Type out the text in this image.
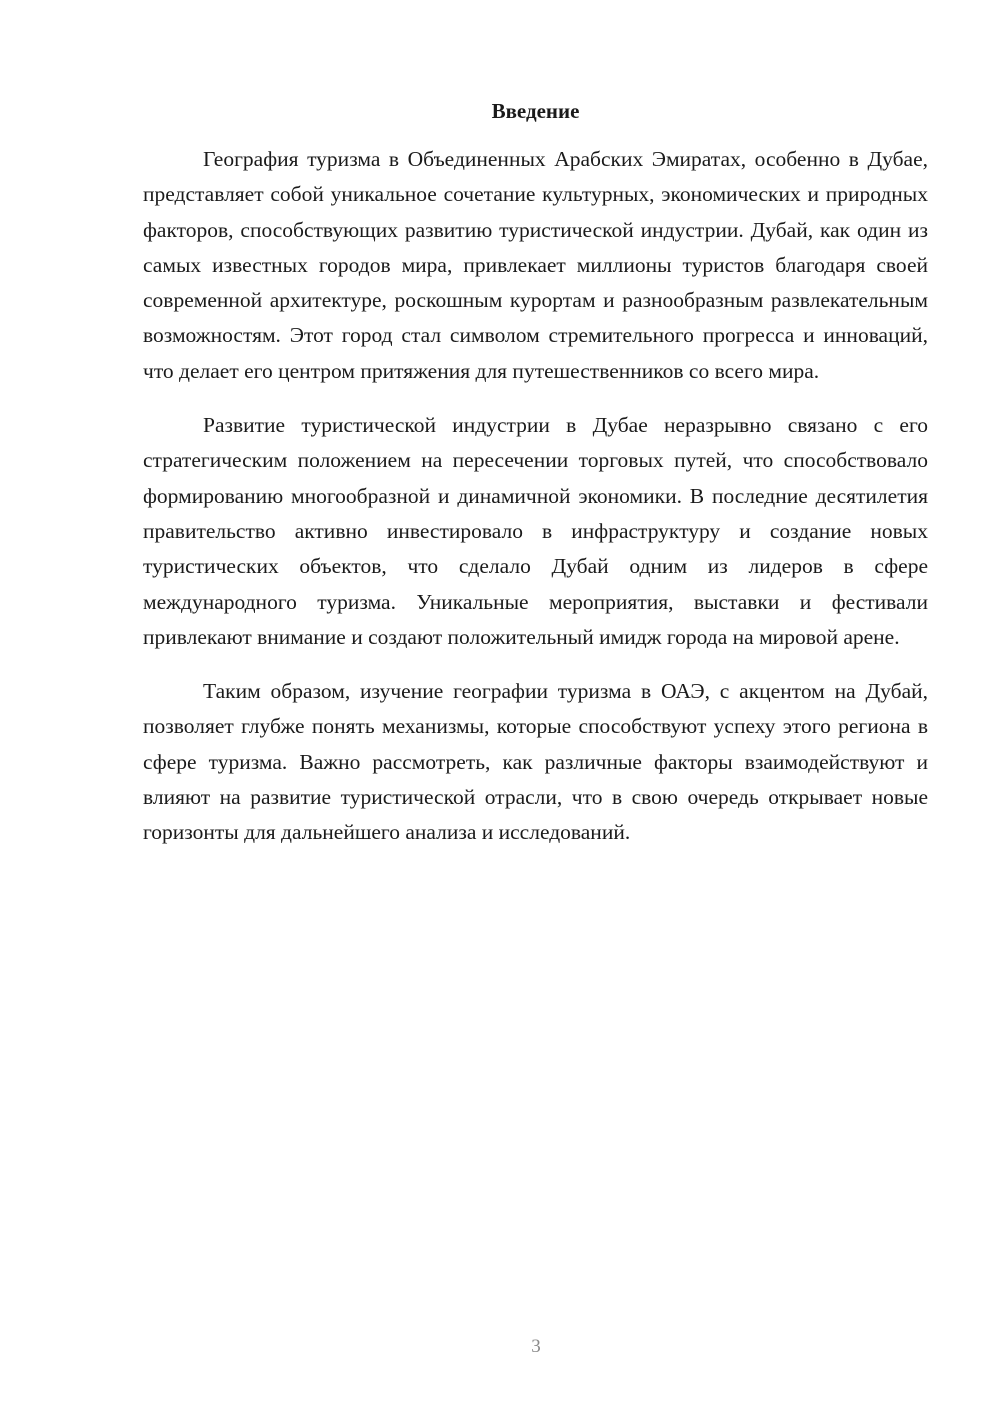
Введение

География туризма в Объединенных Арабских Эмиратах, особенно в Дубае, представляет собой уникальное сочетание культурных, экономических и природных факторов, способствующих развитию туристической индустрии. Дубай, как один из самых известных городов мира, привлекает миллионы туристов благодаря своей современной архитектуре, роскошным курортам и разнообразным развлекательным возможностям. Этот город стал символом стремительного прогресса и инноваций, что делает его центром притяжения для путешественников со всего мира.

Развитие туристической индустрии в Дубае неразрывно связано с его стратегическим положением на пересечении торговых путей, что способствовало формированию многообразной и динамичной экономики. В последние десятилетия правительство активно инвестировало в инфраструктуру и создание новых туристических объектов, что сделало Дубай одним из лидеров в сфере международного туризма. Уникальные мероприятия, выставки и фестивали привлекают внимание и создают положительный имидж города на мировой арене.

Таким образом, изучение географии туризма в ОАЭ, с акцентом на Дубай, позволяет глубже понять механизмы, которые способствуют успеху этого региона в сфере туризма. Важно рассмотреть, как различные факторы взаимодействуют и влияют на развитие туристической отрасли, что в свою очередь открывает новые горизонты для дальнейшего анализа и исследований.

3
